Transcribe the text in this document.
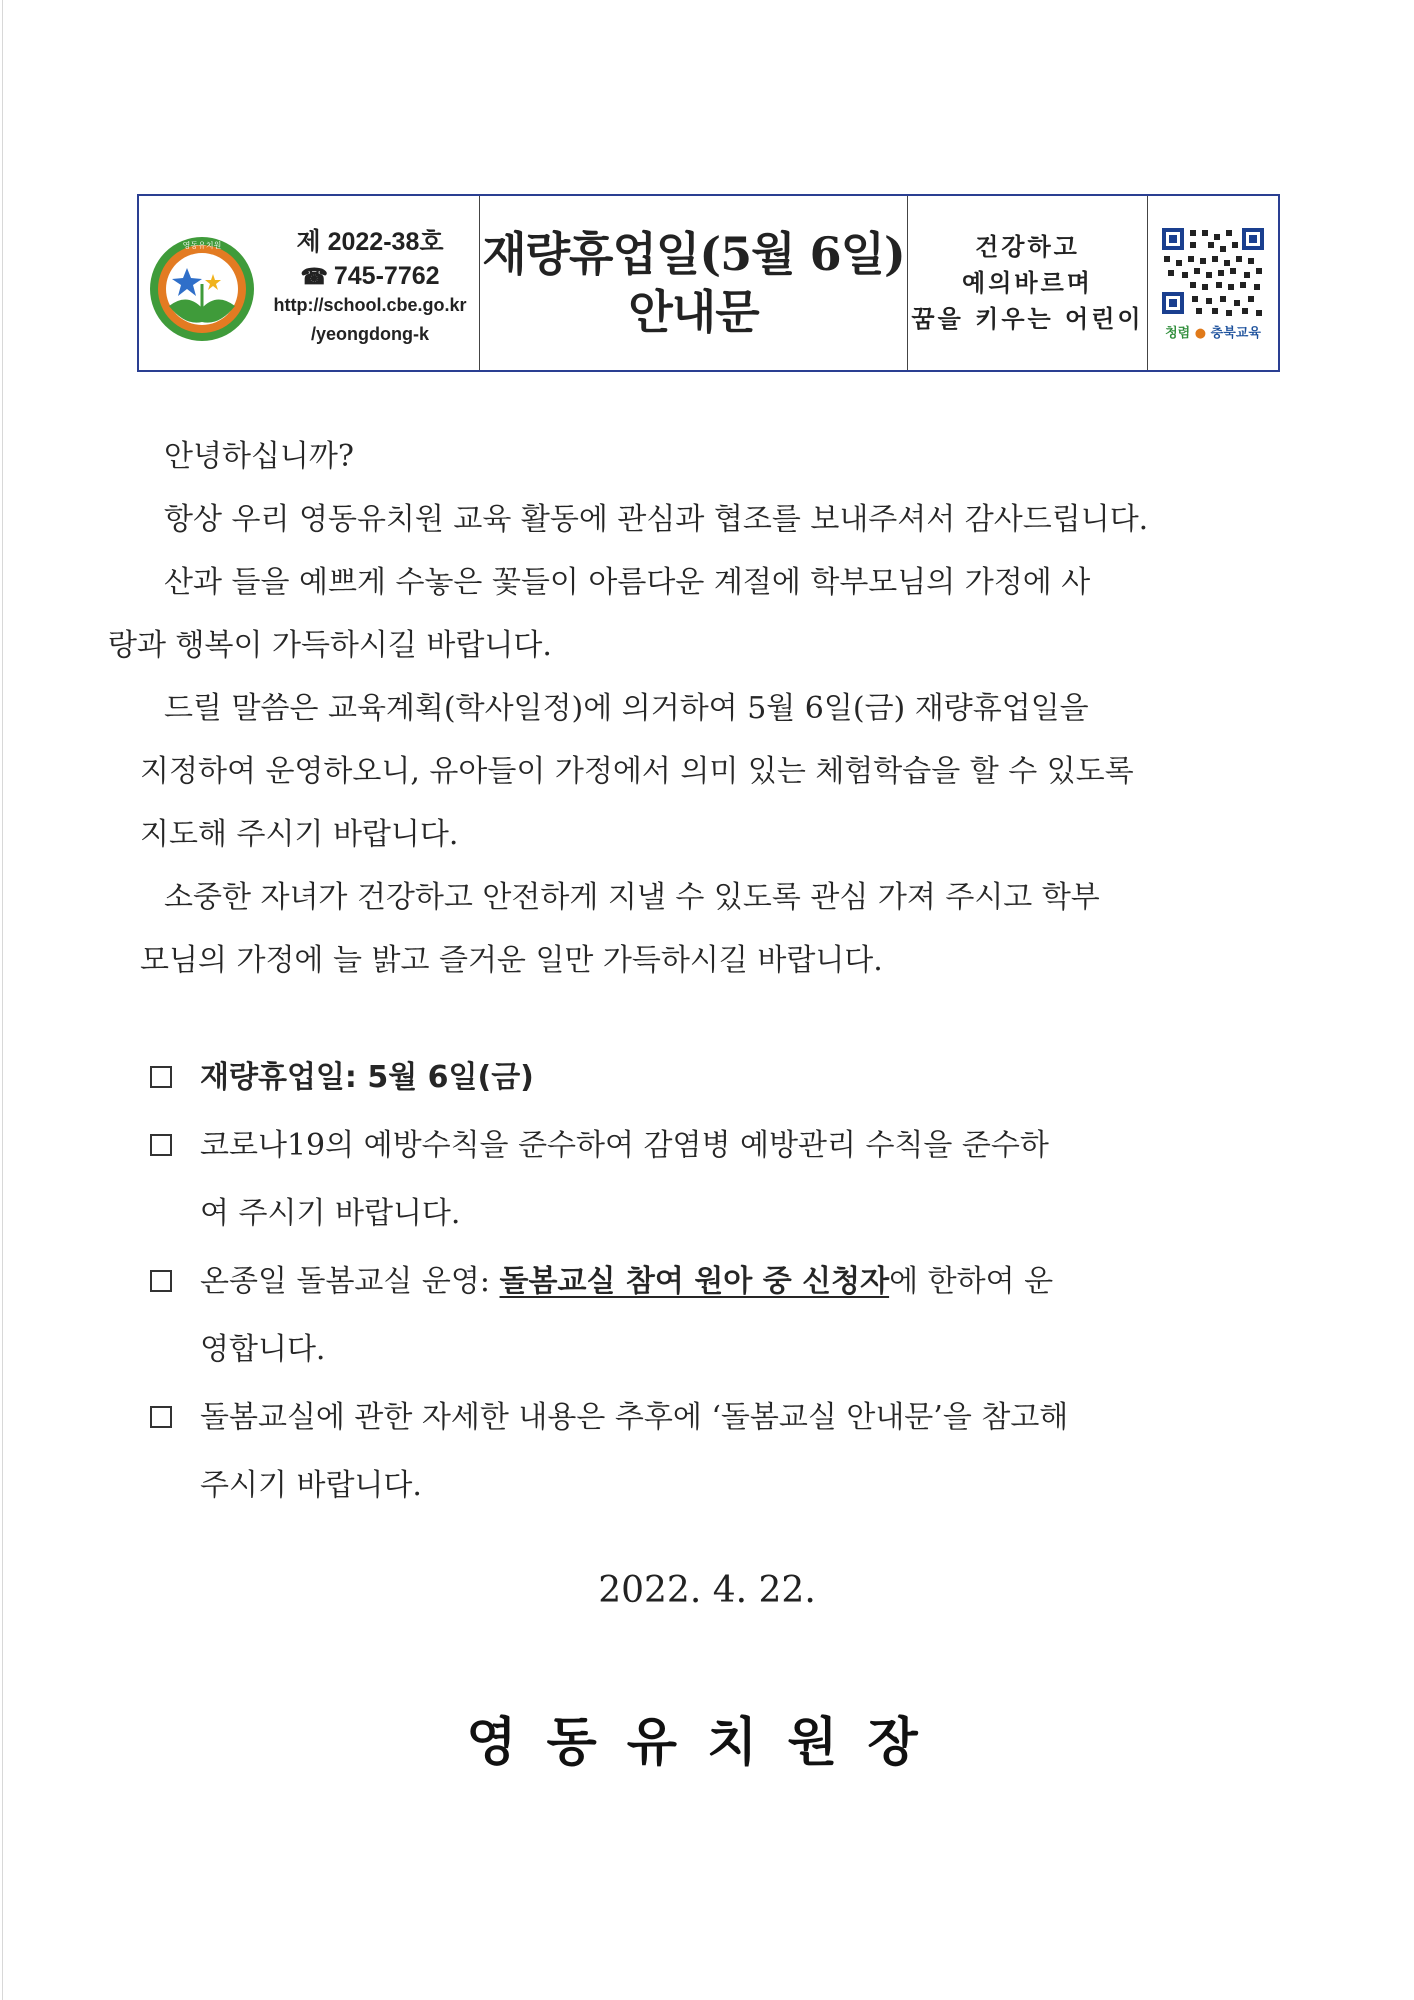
영동유치원	제 2022-38호
☎ 745-7762
http://school.cbe.go.kr
/yeongdong-k
재량휴업일(5월 6일)
안내문
건강하고
예의바르며
꿈을 키우는 어린이 청렴 ● 충북교육

안녕하십니까?

항상 우리 영동유치원 교육 활동에 관심과 협조를 보내주셔서 감사드립니다.

산과 들을 예쁘게 수놓은 꽃들이 아름다운 계절에 학부모님의 가정에 사
랑과 행복이 가득하시길 바랍니다.

드릴 말씀은 교육계획(학사일정)에 의거하여 5월 6일(금) 재량휴업일을
지정하여 운영하오니, 유아들이 가정에서 의미 있는 체험학습을 할 수 있도록
지도해 주시기 바랍니다.

소중한 자녀가 건강하고 안전하게 지낼 수 있도록 관심 가져 주시고 학부
모님의 가정에 늘 밝고 즐거운 일만 가득하시길 바랍니다.

재량휴업일: 5월 6일(금)
코로나19의 예방수칙을 준수하여 감염병 예방관리 수칙을 준수하
여 주시기 바랍니다.
온종일 돌봄교실 운영: 돌봄교실 참여 원아 중 신청자에 한하여 운
영합니다.
돌봄교실에 관한 자세한 내용은 추후에 ‘돌봄교실 안내문’을 참고해
주시기 바랍니다.
2022. 4. 22.
영동유치원장
